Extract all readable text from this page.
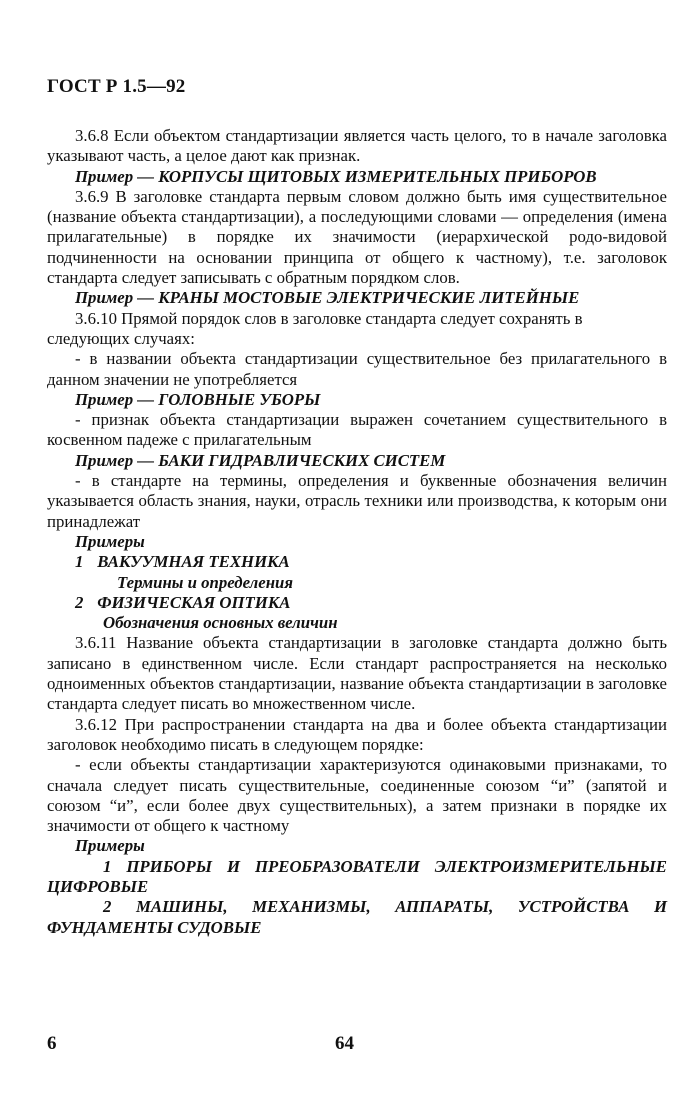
ГОСТ Р 1.5—92

3.6.8 Если объектом стандартизации является часть целого, то в начале заголовка указывают часть, а целое дают как признак.

Пример — КОРПУСЫ ЩИТОВЫХ ИЗМЕРИТЕЛЬНЫХ ПРИБОРОВ

3.6.9 В заголовке стандарта первым словом должно быть имя существительное (название объекта стандартизации), а последующими словами — определения (имена прилагательные) в порядке их значимости (иерархической родо-видовой подчиненности на основании принципа от общего к частному), т.е. заголовок стандарта следует записывать с обратным порядком слов.

Пример — КРАНЫ МОСТОВЫЕ ЭЛЕКТРИЧЕСКИЕ ЛИТЕЙНЫЕ

3.6.10 Прямой порядок слов в заголовке стандарта следует сохранять в следующих случаях:

- в названии объекта стандартизации существительное без прилагательного в данном значении не употребляется

Пример — ГОЛОВНЫЕ УБОРЫ

- признак объекта стандартизации выражен сочетанием существительного в косвенном падеже с прилагательным

Пример — БАКИ ГИДРАВЛИЧЕСКИХ СИСТЕМ

- в стандарте на термины, определения и буквенные обозначения величин указывается область знания, науки, отрасль техники или производства, к которым они принадлежат

Примеры

1 ВАКУУМНАЯ ТЕХНИКА

Термины и определения

2 ФИЗИЧЕСКАЯ ОПТИКА

Обозначения основных величин

3.6.11 Название объекта стандартизации в заголовке стандарта должно быть записано в единственном числе. Если стандарт распространяется на несколько одноименных объектов стандартизации, название объекта стандартизации в заголовке стандарта следует писать во множественном числе.

3.6.12 При распространении стандарта на два и более объекта стандартизации заголовок необходимо писать в следующем порядке:

- если объекты стандартизации характеризуются одинаковыми признаками, то сначала следует писать существительные, соединенные союзом “и” (запятой и союзом “и”, если более двух существительных), а затем признаки в порядке их значимости от общего к частному

Примеры

1 ПРИБОРЫ И ПРЕОБРАЗОВАТЕЛИ ЭЛЕКТРОИЗМЕРИТЕЛЬНЫЕ ЦИФРОВЫЕ

2 МАШИНЫ, МЕХАНИЗМЫ, АППАРАТЫ, УСТРОЙСТВА И ФУНДАМЕНТЫ СУДОВЫЕ

6	64
